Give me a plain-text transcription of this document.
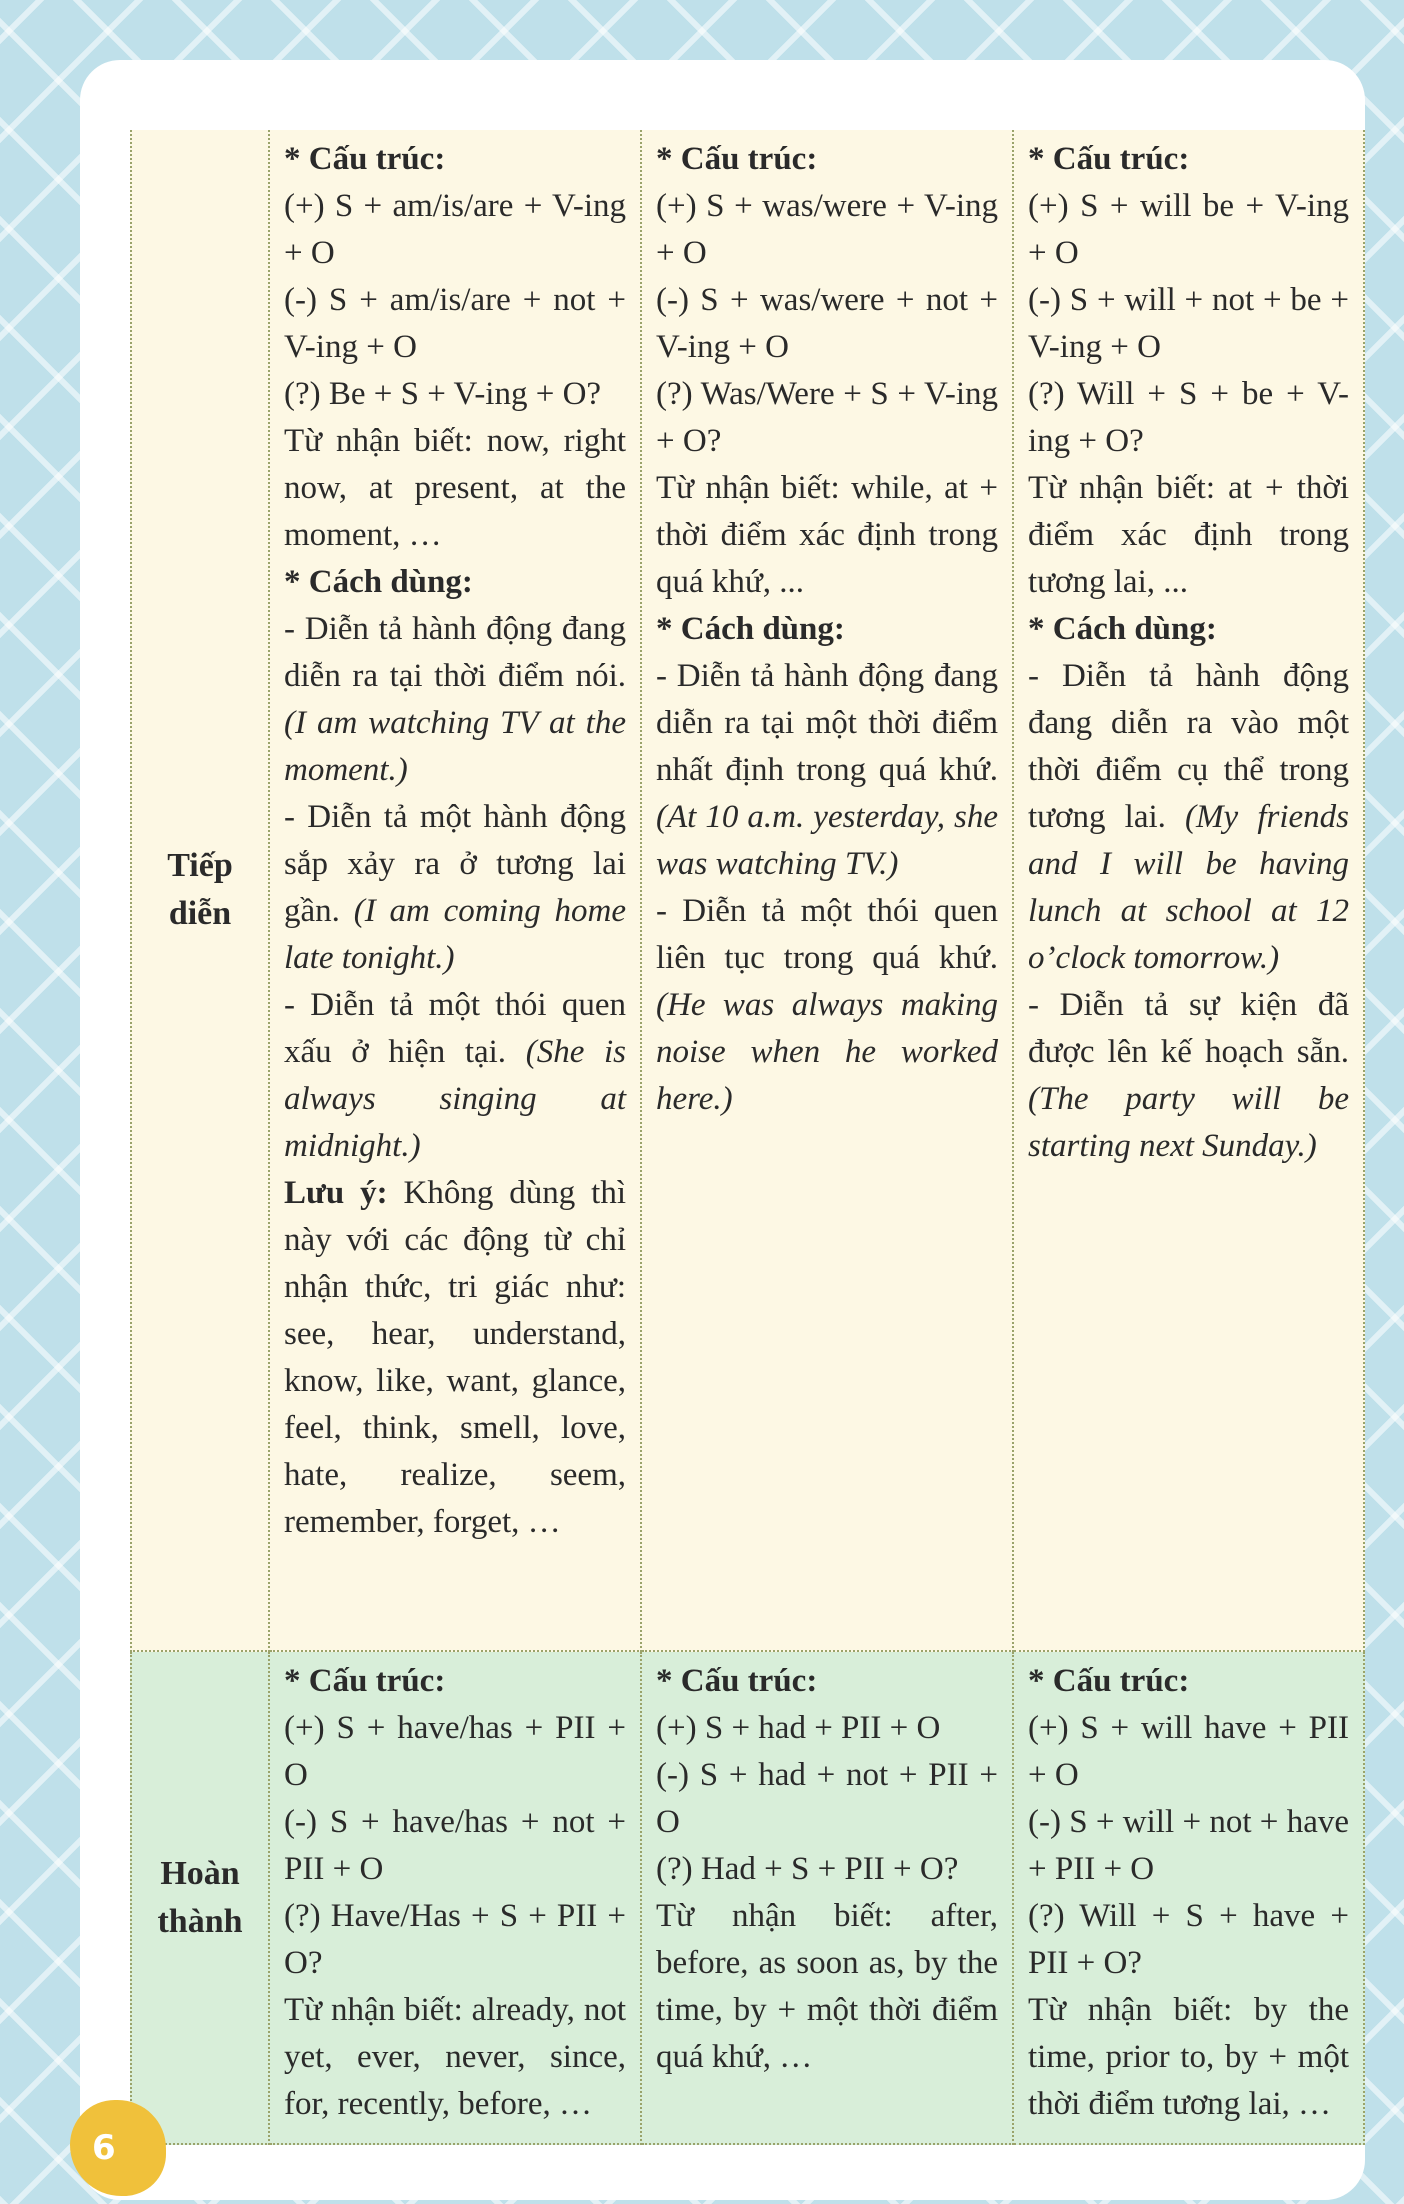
Tiếp
diễn

* Cấu trúc:

(+) S + am/is/are + V-ing + O

(-) S + am/is/are + not + V-ing + O

(?) Be + S + V-ing + O?

Từ nhận biết: now, right now, at present, at the moment, …

* Cách dùng:

- Diễn tả hành động đang diễn ra tại thời điểm nói. (I am watching TV at the moment.)

- Diễn tả một hành động sắp xảy ra ở tương lai gần. (I am coming home late tonight.)

- Diễn tả một thói quen xấu ở hiện tại. (She is always singing at midnight.)

Lưu ý: Không dùng thì này với các động từ chỉ nhận thức, tri giác như: see, hear, understand, know, like, want, glance, feel, think, smell, love, hate, realize, seem, remember, forget, …

* Cấu trúc:

(+) S + was/were + V-ing + O

(-) S + was/were + not + V-ing + O

(?) Was/Were + S + V-ing + O?

Từ nhận biết: while, at + thời điểm xác định trong quá khứ, ...

* Cách dùng:

- Diễn tả hành động đang diễn ra tại một thời điểm nhất định trong quá khứ. (At 10 a.m. yesterday, she was watching TV.)

- Diễn tả một thói quen liên tục trong quá khứ. (He was always making noise when he worked here.)

* Cấu trúc:

(+) S + will be + V-ing + O

(-) S + will + not + be + V-ing + O

(?) Will + S + be + V-ing + O?

Từ nhận biết: at + thời điểm xác định trong tương lai, ...

* Cách dùng:

- Diễn tả hành động đang diễn ra vào một thời điểm cụ thể trong tương lai. (My friends and I will be having lunch at school at 12 o’clock tomorrow.)

- Diễn tả sự kiện đã được lên kế hoạch sẵn. (The party will be starting next Sunday.)

Hoàn
thành

* Cấu trúc:

(+) S + have/has + PII + O

(-) S + have/has + not + PII + O

(?) Have/Has + S + PII + O?

Từ nhận biết: already, not yet, ever, never, since, for, recently, before, …

* Cấu trúc:

(+) S + had + PII + O

(-) S + had + not + PII + O

(?) Had + S + PII + O?

Từ nhận biết: after, before, as soon as, by the time, by + một thời điểm quá khứ, …

* Cấu trúc:

(+) S + will have + PII + O

(-) S + will + not + have + PII + O

(?) Will + S + have + PII + O?

Từ nhận biết: by the time, prior to, by + một thời điểm tương lai, …

6
